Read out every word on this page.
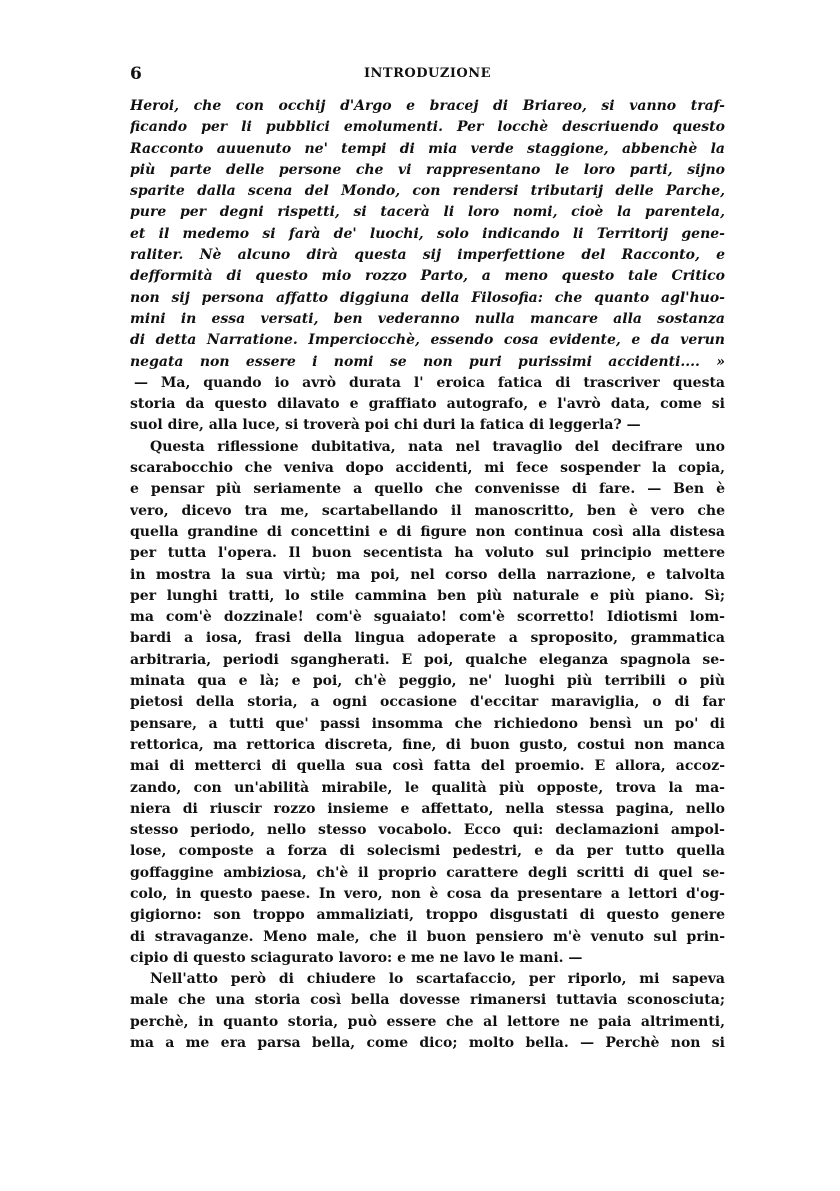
6	INTRODUZIONE
Heroi, che con occhij d'Argo e bracej di Briareo, si vanno traf-
ficando per li pubblici emolumenti. Per locchè descriuendo questo
Racconto auuenuto ne' tempi di mia verde staggione, abbenchè la
più parte delle persone che vi rappresentano le loro parti, sijno
sparite dalla scena del Mondo, con rendersi tributarij delle Parche,
pure per degni rispetti, si tacerà li loro nomi, cioè la parentela,
et il medemo si farà de' luochi, solo indicando li Territorij gene-
raliter. Nè alcuno dirà questa sij imperfettione del Racconto, e
defformità di questo mio rozzo Parto, a meno questo tale Critico
non sij persona affatto diggiuna della Filosofia: che quanto agl'huo-
mini in essa versati, ben vederanno nulla mancare alla sostanza
di detta Narratione. Imperciocchè, essendo cosa evidente, e da verun
negata non essere i nomi se non puri purissimi accidenti.... »
— Ma, quando io avrò durata l' eroica fatica di trascriver questa
storia da questo dilavato e graffiato autografo, e l'avrò data, come si
suol dire, alla luce, si troverà poi chi duri la fatica di leggerla? —
Questa riflessione dubitativa, nata nel travaglio del decifrare uno
scarabocchio che veniva dopo accidenti, mi fece sospender la copia,
e pensar più seriamente a quello che convenisse di fare. — Ben è
vero, dicevo tra me, scartabellando il manoscritto, ben è vero che
quella grandine di concettini e di figure non continua così alla distesa
per tutta l'opera. Il buon secentista ha voluto sul principio mettere
in mostra la sua virtù; ma poi, nel corso della narrazione, e talvolta
per lunghi tratti, lo stile cammina ben più naturale e più piano. Sì;
ma com'è dozzinale! com'è sguaiato! com'è scorretto! Idiotismi lom-
bardi a iosa, frasi della lingua adoperate a sproposito, grammatica
arbitraria, periodi sgangherati. E poi, qualche eleganza spagnola se-
minata qua e là; e poi, ch'è peggio, ne' luoghi più terribili o più
pietosi della storia, a ogni occasione d'eccitar maraviglia, o di far
pensare, a tutti que' passi insomma che richiedono bensì un po' di
rettorica, ma rettorica discreta, fine, di buon gusto, costui non manca
mai di metterci di quella sua così fatta del proemio. E allora, accoz-
zando, con un'abilità mirabile, le qualità più opposte, trova la ma-
niera di riuscir rozzo insieme e affettato, nella stessa pagina, nello
stesso periodo, nello stesso vocabolo. Ecco qui: declamazioni ampol-
lose, composte a forza di solecismi pedestri, e da per tutto quella
goffaggine ambiziosa, ch'è il proprio carattere degli scritti di quel se-
colo, in questo paese. In vero, non è cosa da presentare a lettori d'og-
gigiorno: son troppo ammaliziati, troppo disgustati di questo genere
di stravaganze. Meno male, che il buon pensiero m'è venuto sul prin-
cipio di questo sciagurato lavoro: e me ne lavo le mani. —
Nell'atto però di chiudere lo scartafaccio, per riporlo, mi sapeva
male che una storia così bella dovesse rimanersi tuttavia sconosciuta;
perchè, in quanto storia, può essere che al lettore ne paia altrimenti,
ma a me era parsa bella, come dico; molto bella. — Perchè non si
